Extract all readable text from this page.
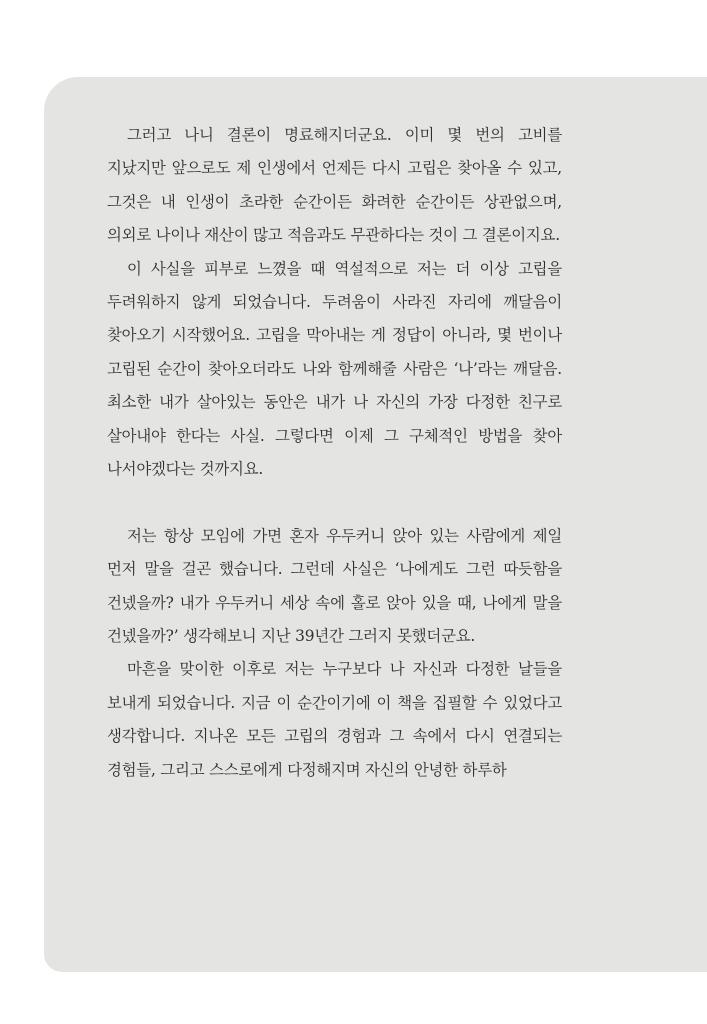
그러고 나니 결론이 명료해지더군요. 이미 몇 번의 고비를 지났지만 앞으로도 제 인생에서 언제든 다시 고립은 찾아올 수 있고, 그것은 내 인생이 초라한 순간이든 화려한 순간이든 상관없으며, 의외로 나이나 재산이 많고 적음과도 무관하다는 것이 그 결론이지요.

이 사실을 피부로 느꼈을 때 역설적으로 저는 더 이상 고립을 두려워하지 않게 되었습니다. 두려움이 사라진 자리에 깨달음이 찾아오기 시작했어요. 고립을 막아내는 게 정답이 아니라, 몇 번이나 고립된 순간이 찾아오더라도 나와 함께해줄 사람은 ‘나’라는 깨달음. 최소한 내가 살아있는 동안은 내가 나 자신의 가장 다정한 친구로 살아내야 한다는 사실. 그렇다면 이제 그 구체적인 방법을 찾아 나서야겠다는 것까지요.

저는 항상 모임에 가면 혼자 우두커니 앉아 있는 사람에게 제일 먼저 말을 걸곤 했습니다. 그런데 사실은 ‘나에게도 그런 따듯함을 건넸을까? 내가 우두커니 세상 속에 홀로 앉아 있을 때, 나에게 말을 건넸을까?’ 생각해보니 지난 39년간 그러지 못했더군요.

마흔을 맞이한 이후로 저는 누구보다 나 자신과 다정한 날들을 보내게 되었습니다. 지금 이 순간이기에 이 책을 집필할 수 있었다고 생각합니다. 지나온 모든 고립의 경험과 그 속에서 다시 연결되는 경험들, 그리고 스스로에게 다정해지며 자신의 안녕한 하루하
